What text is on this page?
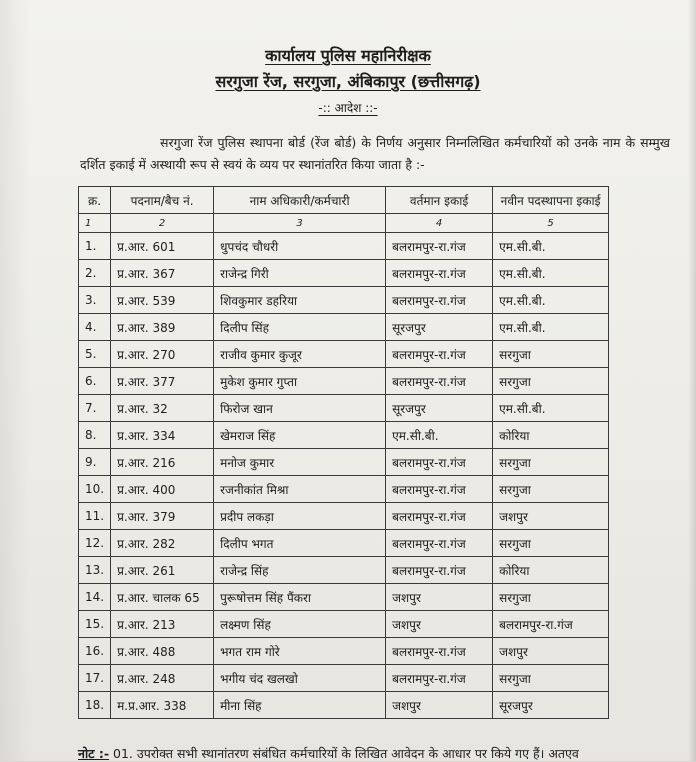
कार्यालय पुलिस महानिरीक्षक
सरगुजा रेंज, सरगुजा, अंबिकापुर (छत्तीसगढ़)
-:: आदेश ::-
सरगुजा रेंज पुलिस स्थापना बोर्ड (रेंज बोर्ड) के निर्णय अनुसार निम्नलिखित कर्मचारियों को उनके नाम के सम्मुख दर्शित इकाई में अस्थायी रूप से स्वयं के व्यय पर स्थानांतरित किया जाता है :-
क्र.	पदनाम/बैच नं.	नाम अधिकारी/कर्मचारी	वर्तमान इकाई	नवीन पदस्थापना इकाई
1	2	3	4	5
1.	प्र.आर. 601	धुपचंद चौधरी	बलरामपुर-रा.गंज	एम.सी.बी.
2.	प्र.आर. 367	राजेन्द्र गिरी	बलरामपुर-रा.गंज	एम.सी.बी.
3.	प्र.आर. 539	शिवकुमार डहरिया	बलरामपुर-रा.गंज	एम.सी.बी.
4.	प्र.आर. 389	दिलीप सिंह	सूरजपुर	एम.सी.बी.
5.	प्र.आर. 270	राजीव कुमार कुजूर	बलरामपुर-रा.गंज	सरगुजा
6.	प्र.आर. 377	मुकेश कुमार गुप्ता	बलरामपुर-रा.गंज	सरगुजा
7.	प्र.आर. 32	फिरोज खान	सूरजपुर	एम.सी.बी.
8.	प्र.आर. 334	खेमराज सिंह	एम.सी.बी.	कोरिया
9.	प्र.आर. 216	मनोज कुमार	बलरामपुर-रा.गंज	सरगुजा
10.	प्र.आर. 400	रजनीकांत मिश्रा	बलरामपुर-रा.गंज	सरगुजा
11.	प्र.आर. 379	प्रदीप लकड़ा	बलरामपुर-रा.गंज	जशपुर
12.	प्र.आर. 282	दिलीप भगत	बलरामपुर-रा.गंज	सरगुजा
13.	प्र.आर. 261	राजेन्द्र सिंह	बलरामपुर-रा.गंज	कोरिया
14.	प्र.आर. चालक 65	पुरूषोत्तम सिंह पैंकरा	जशपुर	सरगुजा
15.	प्र.आर. 213	लक्ष्मण सिंह	जशपुर	बलरामपुर-रा.गंज
16.	प्र.आर. 488	भगत राम गोरे	बलरामपुर-रा.गंज	जशपुर
17.	प्र.आर. 248	भगीय चंद खलखो	बलरामपुर-रा.गंज	सरगुजा
18.	म.प्र.आर. 338	मीना सिंह	जशपुर	सूरजपुर
नोट :- 01. उपरोक्त सभी स्थानांतरण संबंधित कर्मचारियों के लिखित आवेदन के आधार पर किये गए हैं। अतएव
